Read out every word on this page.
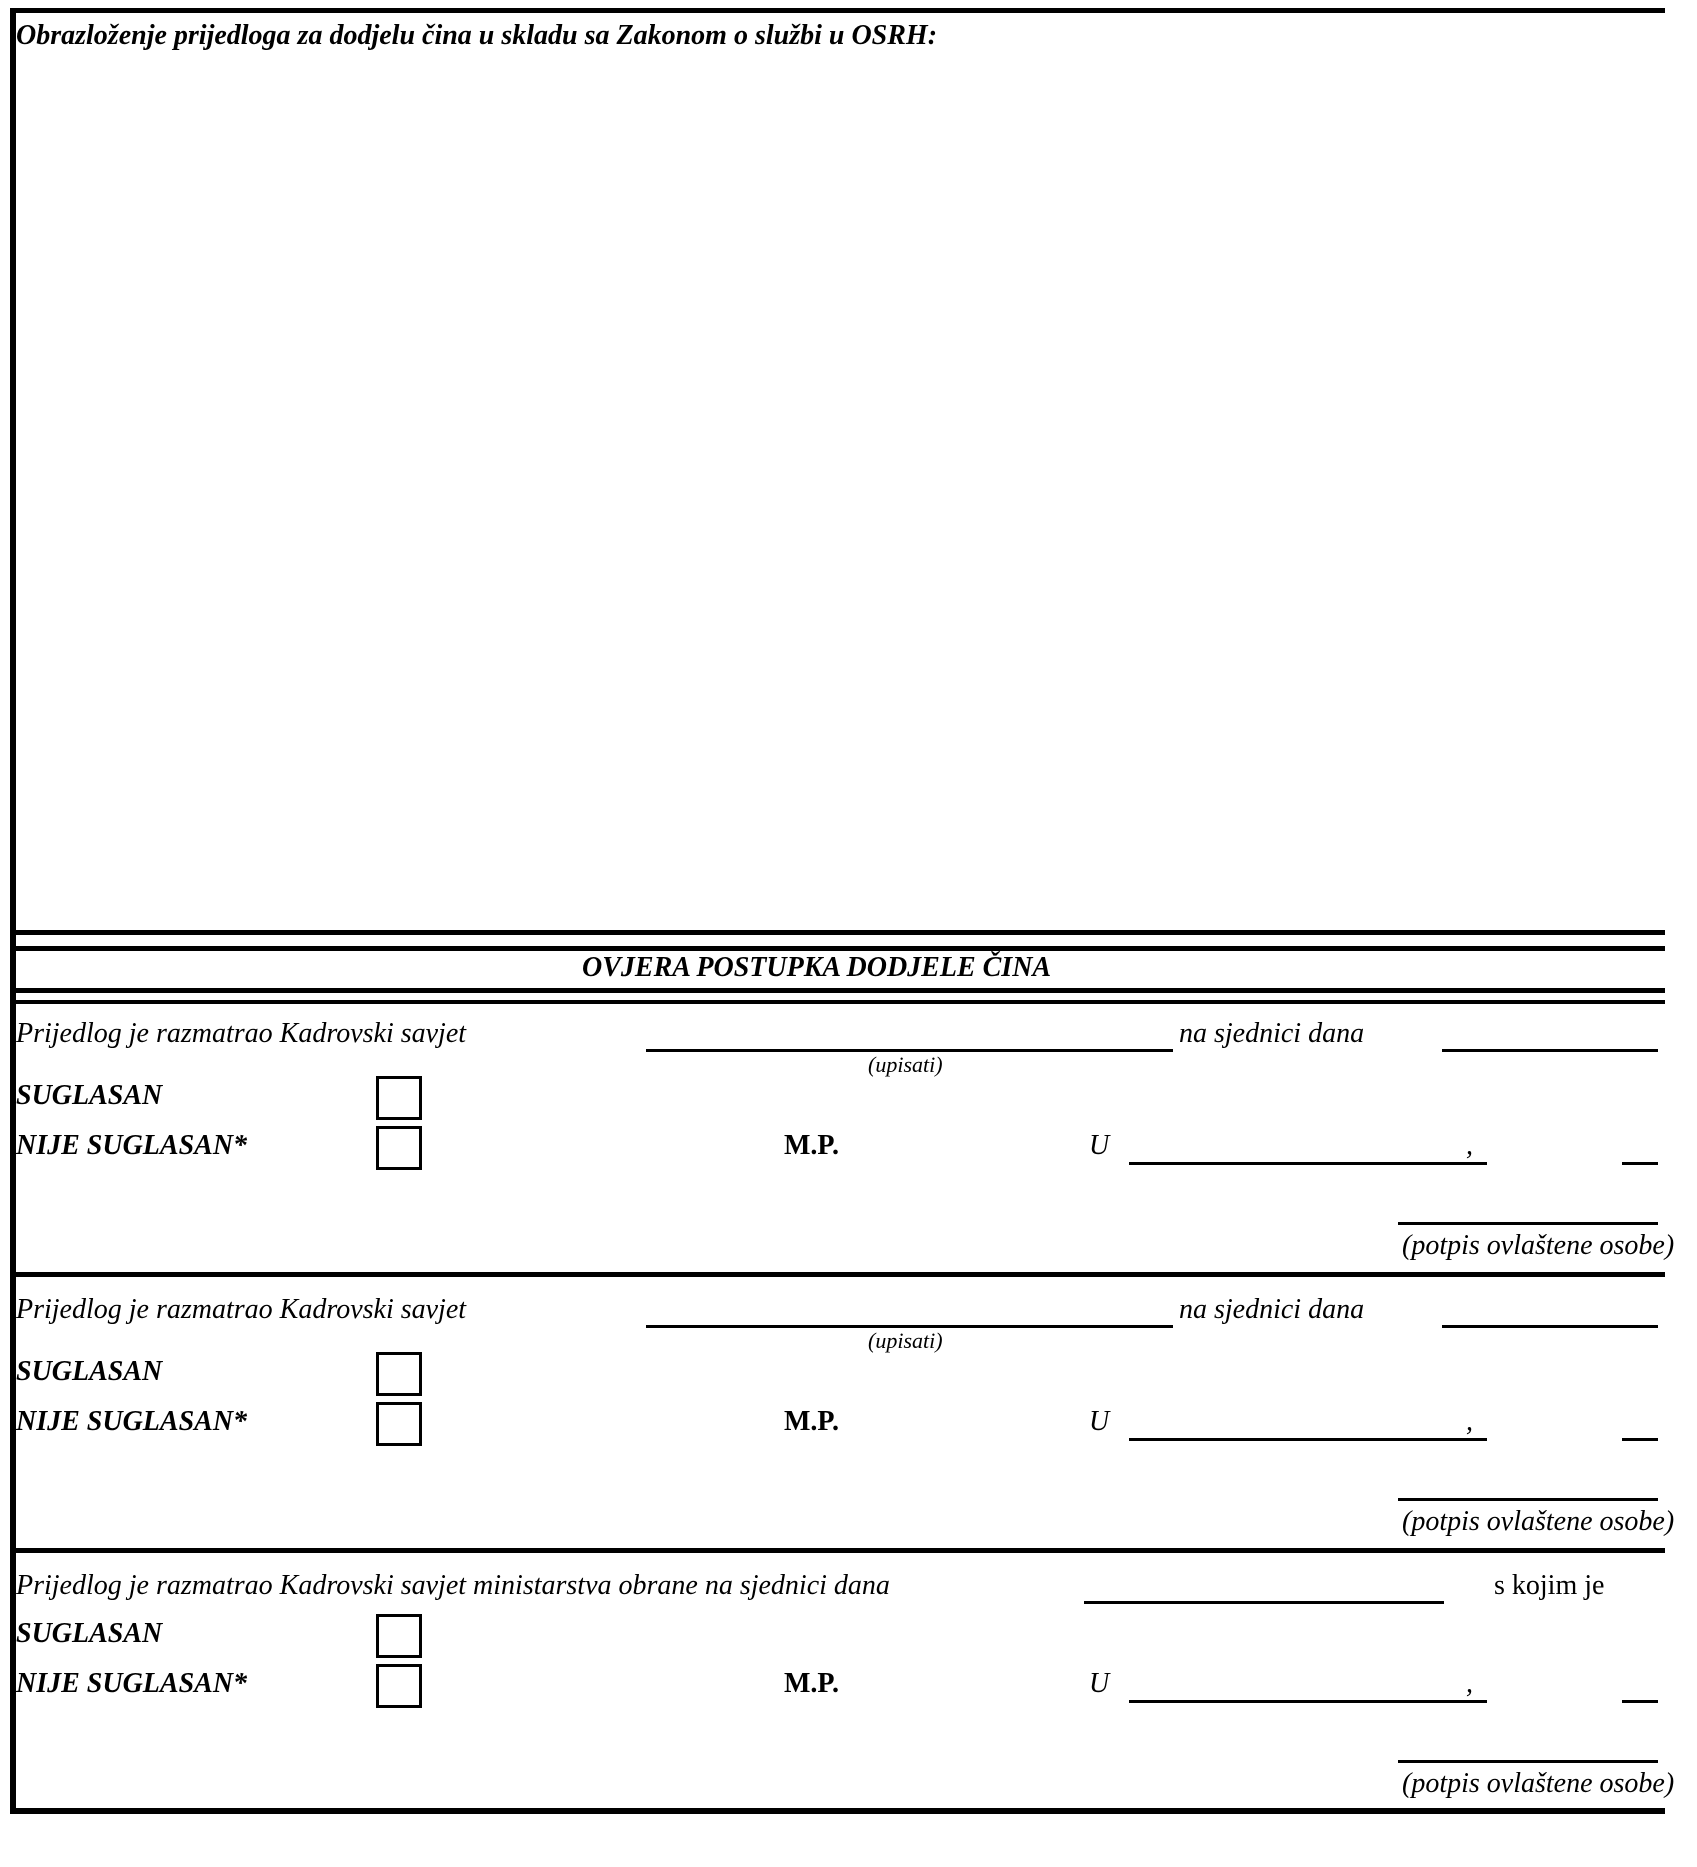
Obrazloženje prijedloga za dodjelu čina u skladu sa Zakonom o službi u OSRH:
OVJERA POSTUPKA DODJELE ČINA
Prijedlog je razmatrao Kadrovski savjet
(upisati)
na sjednici dana
SUGLASAN
NIJE SUGLASAN*	M.P.	U	,
(potpis ovlaštene osobe)
Prijedlog je razmatrao Kadrovski savjet
(upisati)
na sjednici dana
SUGLASAN
NIJE SUGLASAN*	M.P.	U	,
(potpis ovlaštene osobe)
Prijedlog je razmatrao Kadrovski savjet ministarstva obrane na sjednici dana	s kojim je
SUGLASAN
NIJE SUGLASAN*	M.P.	U	,
(potpis ovlaštene osobe)
